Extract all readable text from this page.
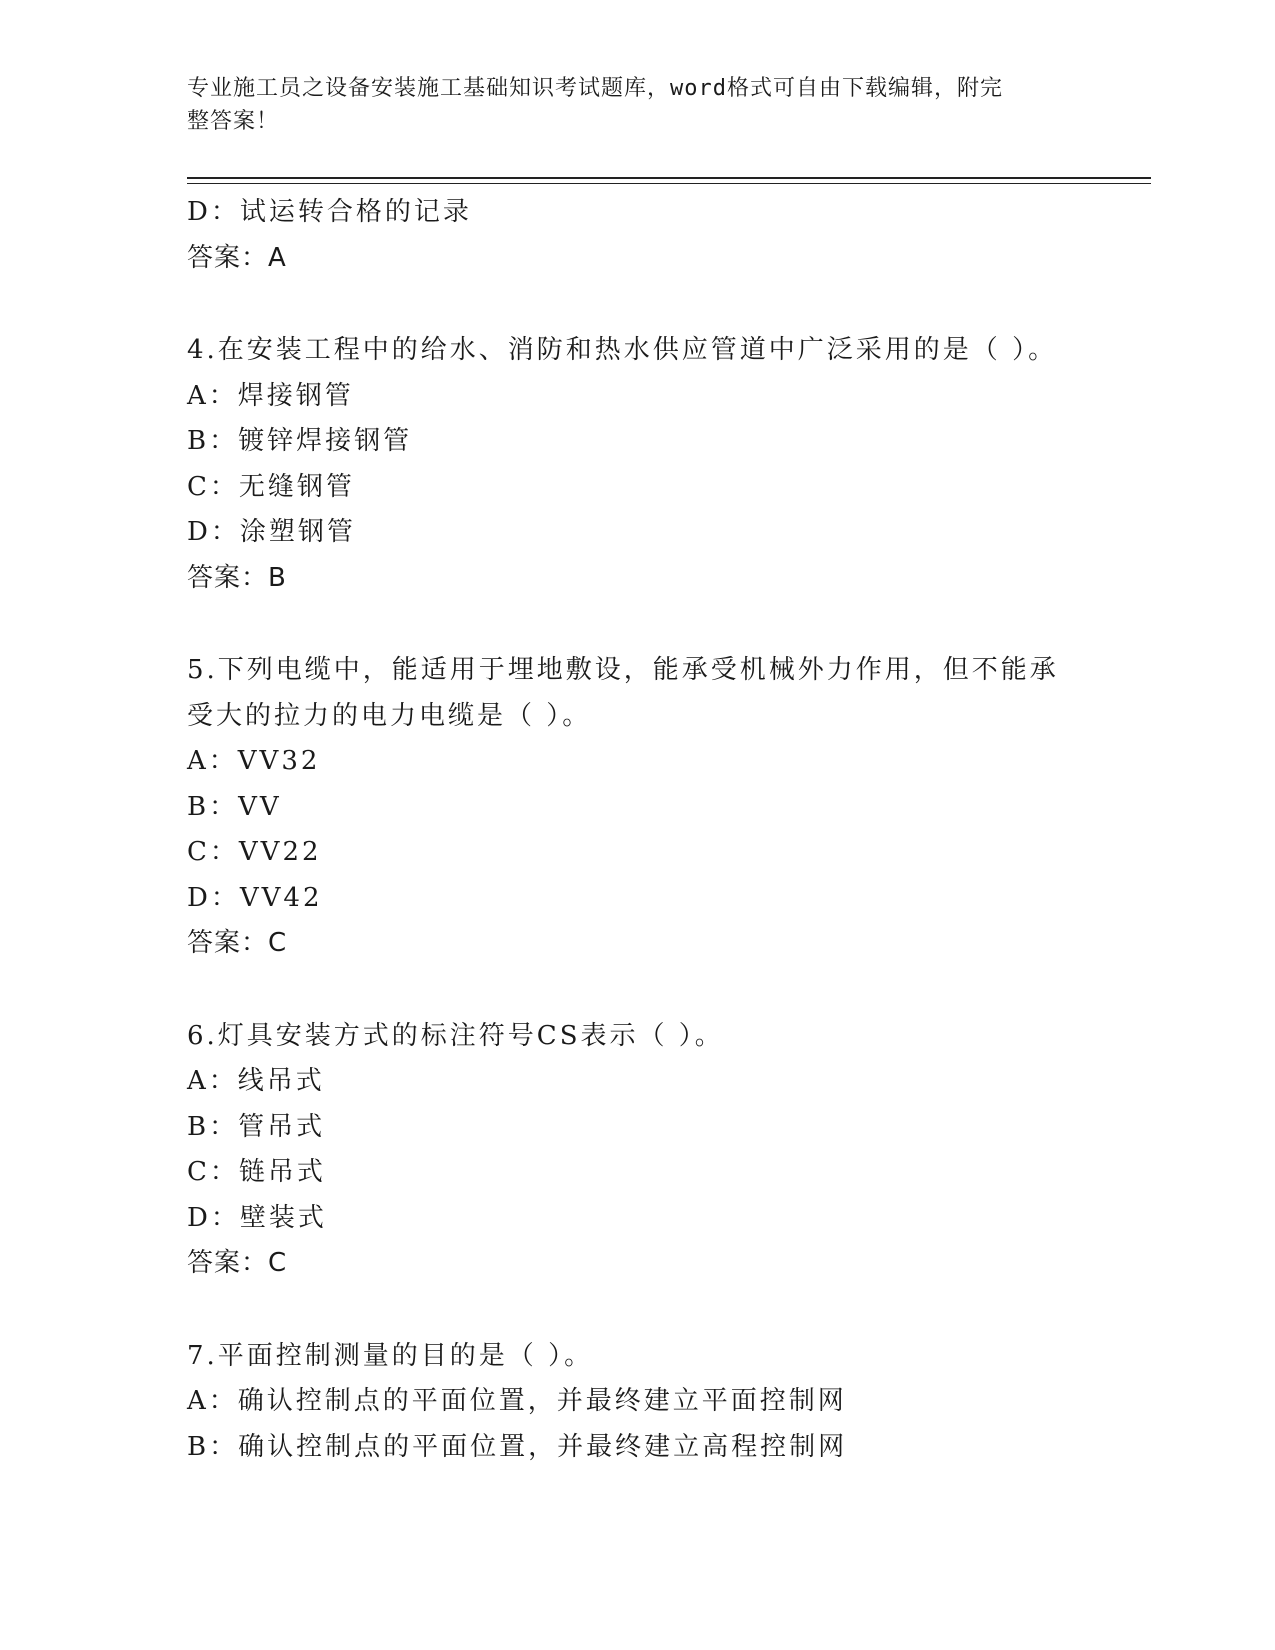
专业施工员之设备安装施工基础知识考试题库，word格式可自由下载编辑，附完
整答案！
D：试运转合格的记录
答案：A
4.在安装工程中的给水、消防和热水供应管道中广泛采用的是（ ）。
A：焊接钢管
B：镀锌焊接钢管
C：无缝钢管
D：涂塑钢管
答案：B
5.下列电缆中，能适用于埋地敷设，能承受机械外力作用，但不能承
受大的拉力的电力电缆是（ ）。
A：VV32
B：VV
C：VV22
D：VV42
答案：C
6.灯具安装方式的标注符号CS表示（ ）。
A：线吊式
B：管吊式
C：链吊式
D：壁装式
答案：C
7.平面控制测量的目的是（ ）。
A：确认控制点的平面位置，并最终建立平面控制网
B：确认控制点的平面位置，并最终建立高程控制网
